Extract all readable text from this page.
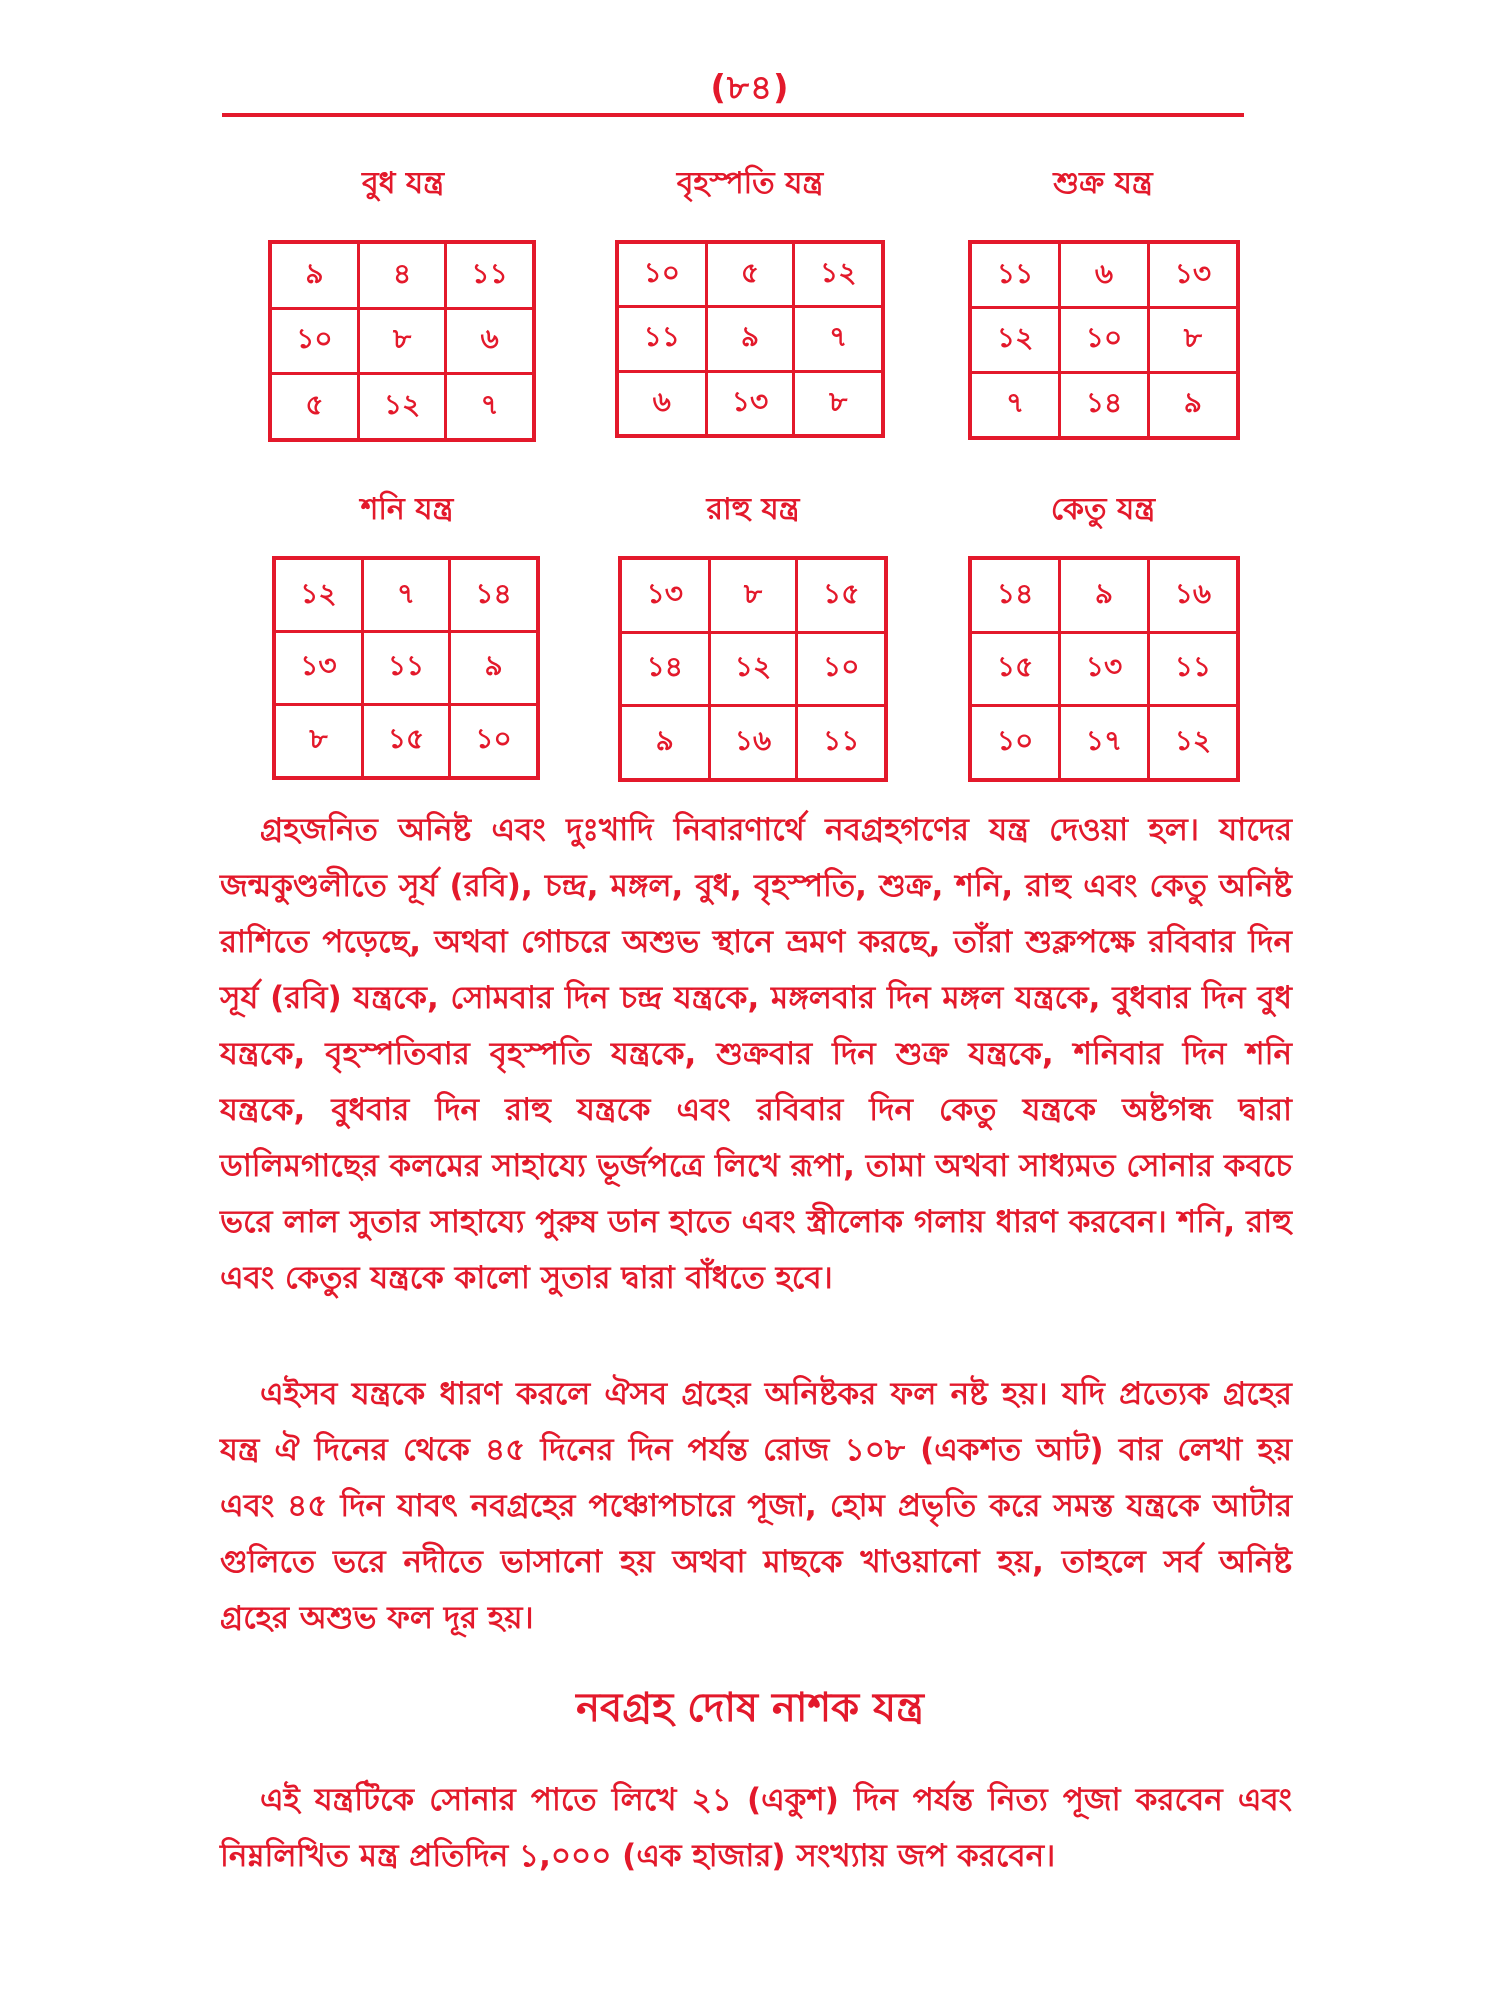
(৮৪)
বুধ যন্ত্র
৯	৪	১১
১০	৮	৬
৫	১২	৭
বৃহস্পতি যন্ত্র
১০	৫	১২
১১	৯	৭
৬	১৩	৮
শুক্র যন্ত্র
১১	৬	১৩
১২	১০	৮
৭	১৪	৯
শনি যন্ত্র
১২	৭	১৪
১৩	১১	৯
৮	১৫	১০
রাহু যন্ত্র
১৩	৮	১৫
১৪	১২	১০
৯	১৬	১১
কেতু যন্ত্র
১৪	৯	১৬
১৫	১৩	১১
১০	১৭	১২
গ্রহজনিত অনিষ্ট এবং দুঃখাদি নিবারণার্থে নবগ্রহগণের যন্ত্র দেওয়া হল। যাদের জন্মকুণ্ডলীতে সূর্য (রবি), চন্দ্র, মঙ্গল, বুধ, বৃহস্পতি, শুক্র, শনি, রাহু এবং কেতু অনিষ্ট রাশিতে পড়েছে, অথবা গোচরে অশুভ স্থানে ভ্রমণ করছে, তাঁরা শুক্লপক্ষে রবিবার দিন সূর্য (রবি) যন্ত্রকে, সোমবার দিন চন্দ্র যন্ত্রকে, মঙ্গলবার দিন মঙ্গল যন্ত্রকে, বুধবার দিন বুধ যন্ত্রকে, বৃহস্পতিবার বৃহস্পতি যন্ত্রকে, শুক্রবার দিন শুক্র যন্ত্রকে, শনিবার দিন শনি যন্ত্রকে, বুধবার দিন রাহু যন্ত্রকে এবং রবিবার দিন কেতু যন্ত্রকে অষ্টগন্ধ দ্বারা ডালিমগাছের কলমের সাহায্যে ভূর্জপত্রে লিখে রূপা, তামা অথবা সাধ্যমত সোনার কবচে ভরে লাল সুতার সাহায্যে পুরুষ ডান হাতে এবং স্ত্রীলোক গলায় ধারণ করবেন। শনি, রাহু এবং কেতুর যন্ত্রকে কালো সুতার দ্বারা বাঁধতে হবে।
এইসব যন্ত্রকে ধারণ করলে ঐসব গ্রহের অনিষ্টকর ফল নষ্ট হয়। যদি প্রত্যেক গ্রহের যন্ত্র ঐ দিনের থেকে ৪৫ দিনের দিন পর্যন্ত রোজ ১০৮ (একশত আট) বার লেখা হয় এবং ৪৫ দিন যাবৎ নবগ্রহের পঞ্চোপচারে পূজা, হোম প্রভৃতি করে সমস্ত যন্ত্রকে আটার গুলিতে ভরে নদীতে ভাসানো হয় অথবা মাছকে খাওয়ানো হয়, তাহলে সর্ব অনিষ্ট গ্রহের অশুভ ফল দূর হয়।
নবগ্রহ দোষ নাশক যন্ত্র
এই যন্ত্রটিকে সোনার পাতে লিখে ২১ (একুশ) দিন পর্যন্ত নিত্য পূজা করবেন এবং নিম্নলিখিত মন্ত্র প্রতিদিন ১,০০০ (এক হাজার) সংখ্যায় জপ করবেন।
